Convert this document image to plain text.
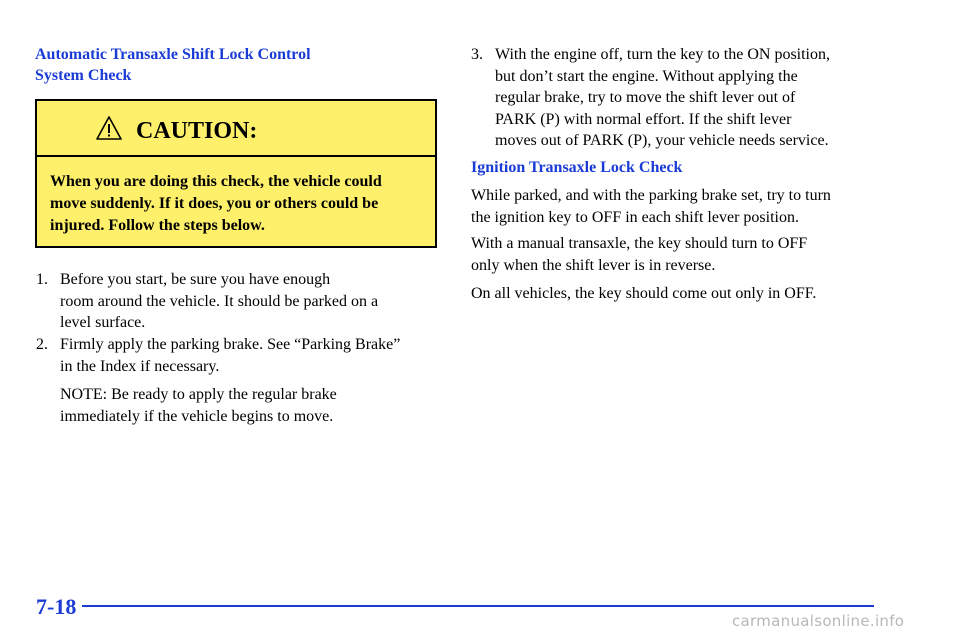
Automatic Transaxle Shift Lock Control
System Check
CAUTION:
When you are doing this check, the vehicle could
move suddenly. If it does, you or others could be
injured. Follow the steps below.
1. Before you start, be sure you have enough
room around the vehicle. It should be parked on a
level surface.
2. Firmly apply the parking brake. See “Parking Brake”
in the Index if necessary.
NOTE: Be ready to apply the regular brake
immediately if the vehicle begins to move.
3. With the engine off, turn the key to the ON position,
but don’t start the engine. Without applying the
regular brake, try to move the shift lever out of
PARK (P) with normal effort. If the shift lever
moves out of PARK (P), your vehicle needs service.
Ignition Transaxle Lock Check
While parked, and with the parking brake set, try to turn
the ignition key to OFF in each shift lever position.
With a manual transaxle, the key should turn to OFF
only when the shift lever is in reverse.
On all vehicles, the key should come out only in OFF.
7-18
carmanualsonline.info
